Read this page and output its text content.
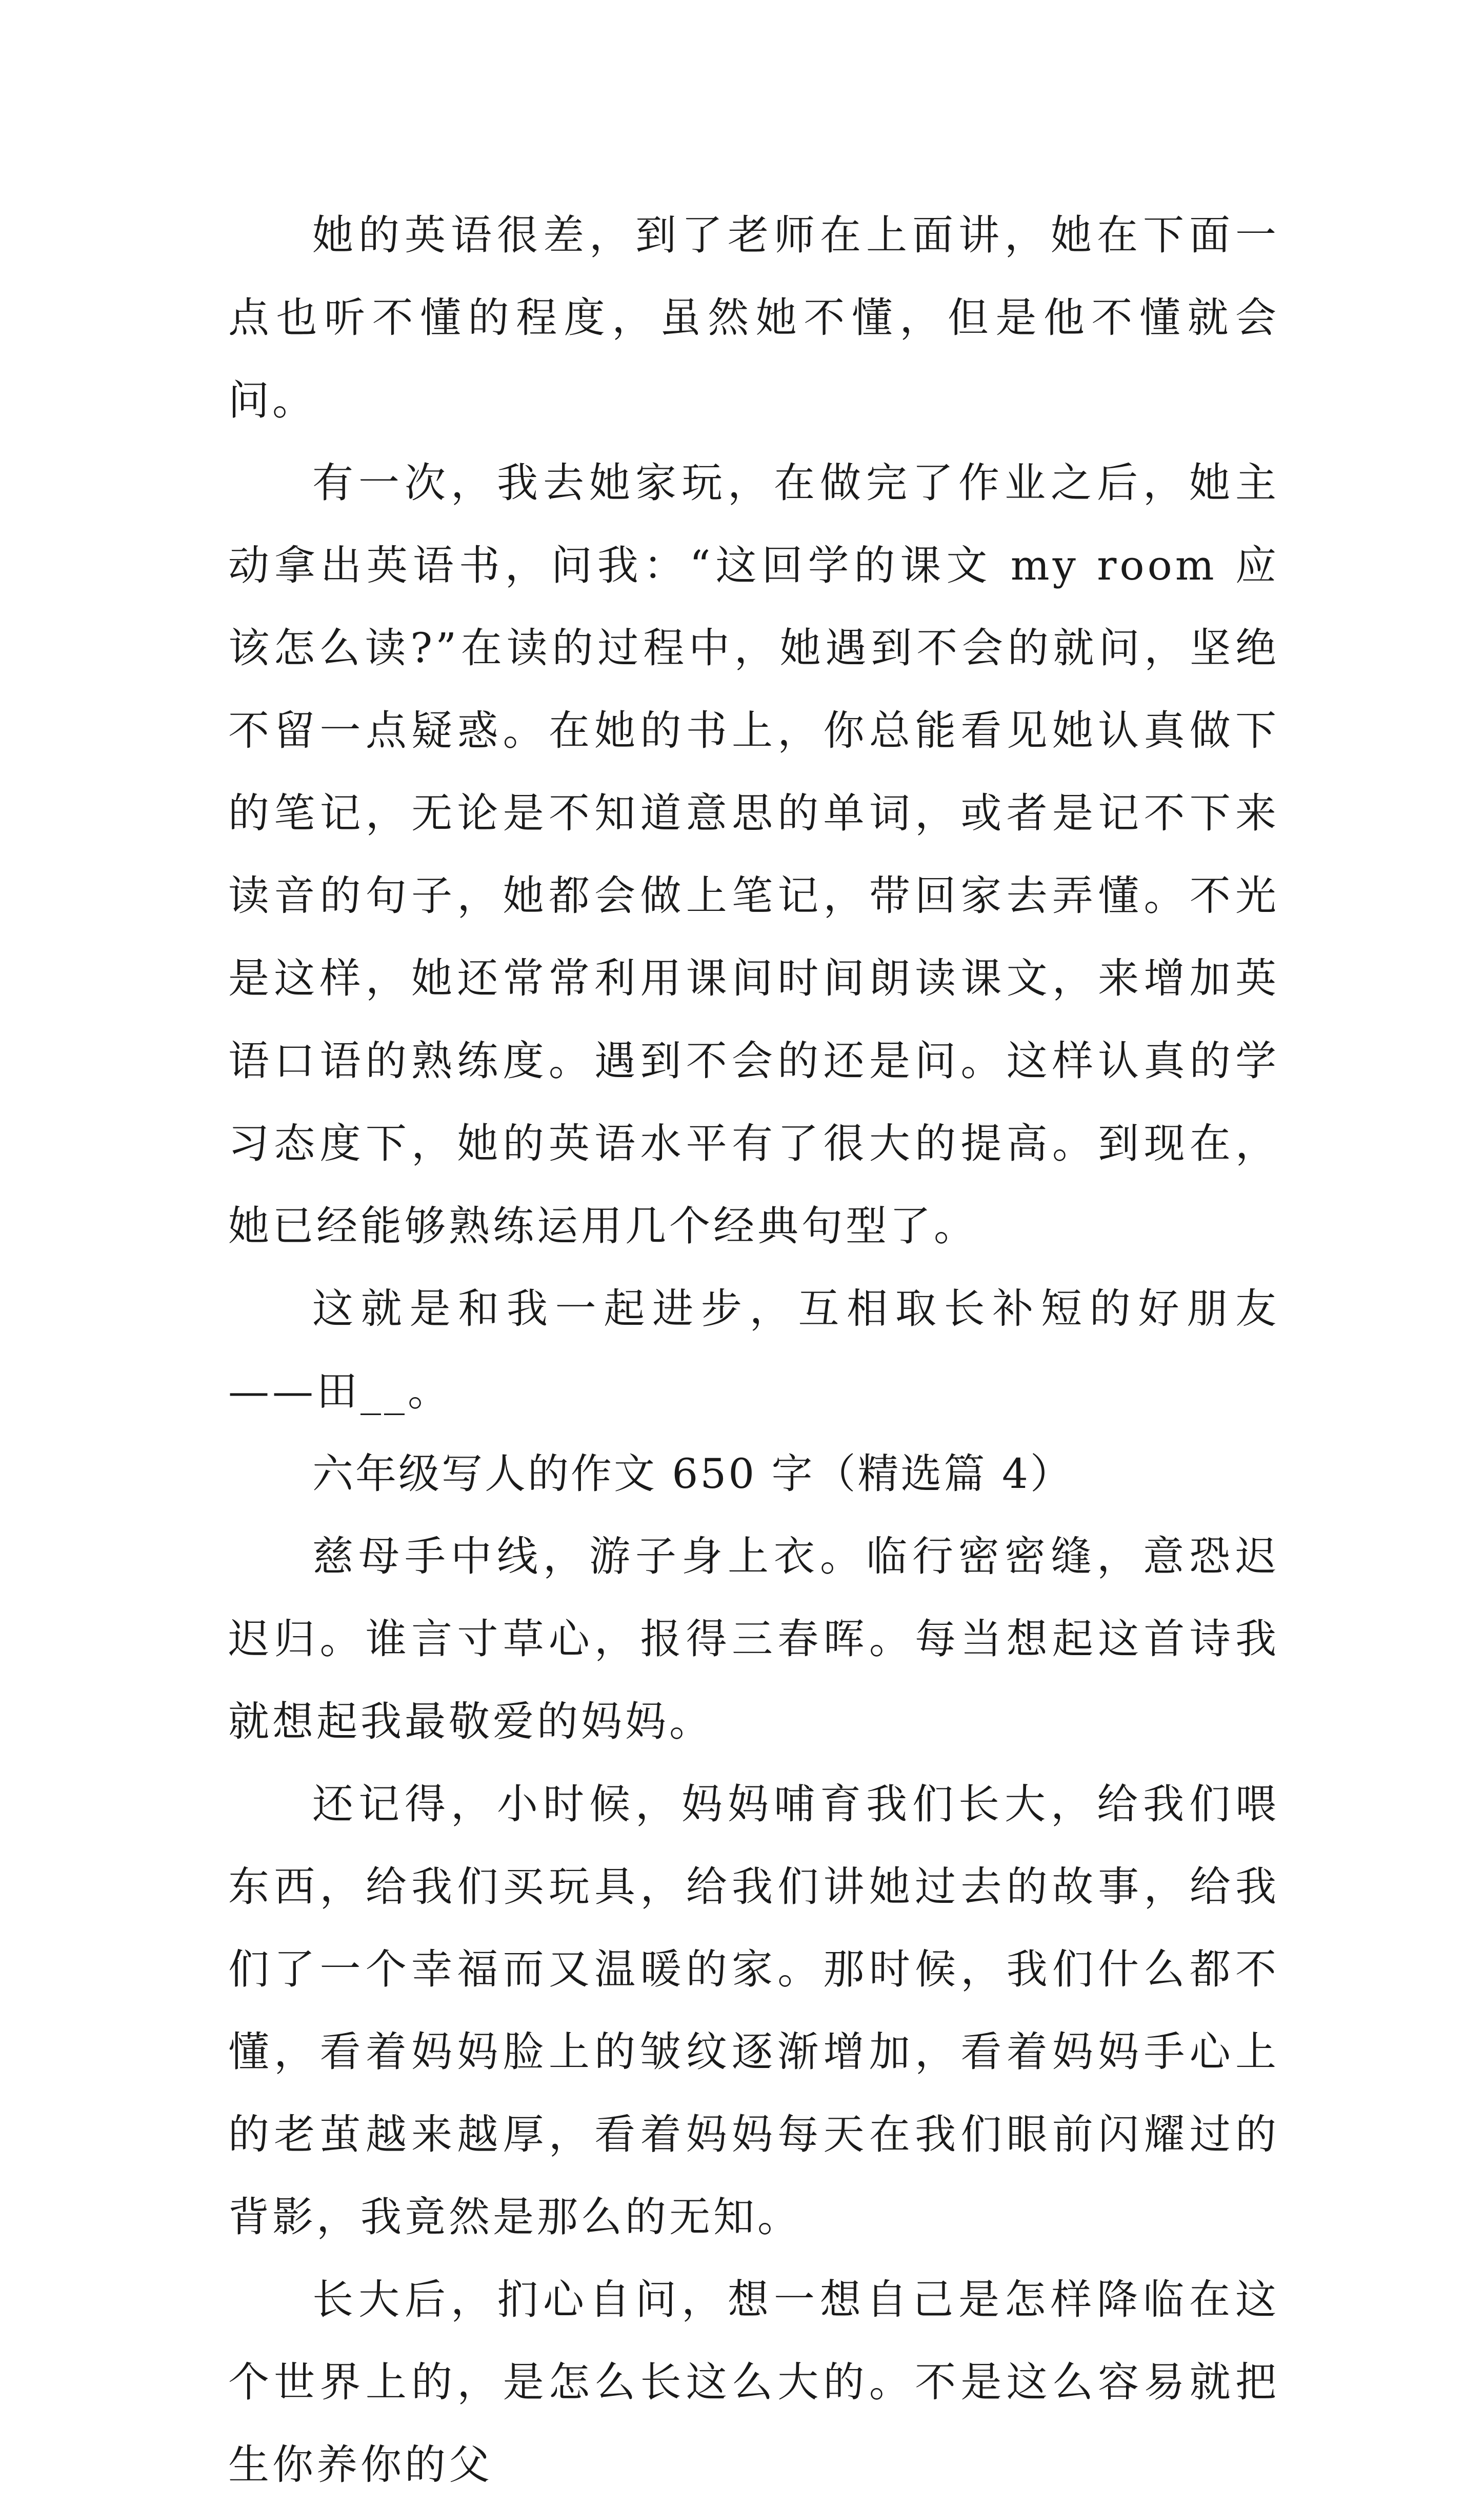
她的英语很差，到了老师在上面讲，她在下面一点也听不懂的程度，虽然她不懂，但是他不懂就会问。

有一次，我去她家玩，在做完了作业之后，她主动拿出英语书，问我：“这回学的课文 my room 应该怎么读?”在读的过程中，她遇到不会的就问，坚绝不留一点疑惑。在她的书上，你总能看见她认真做下的笔记，无论是不知道意思的单词，或者是记不下来读音的句子，她都会做上笔记，带回家去弄懂。不光是这样，她还常常利用课间时间朗读课文，来增加英语口语的熟练度。遇到不会的还是问。这样认真的学习态度下，她的英语水平有了很大的提高。到现在，她已经能够熟练运用几个经典句型了。

这就是和我一起进步，互相取长补短的好朋友——田__。

六年级写人的作文 650 字（精选篇 4）

慈母手中线，游子身上衣。临行密密缝，意恐迟迟归。谁言寸草心，报得三春晖。每当想起这首诗我就想起我最敬爱的妈妈。

还记得，小时候，妈妈哺育我们长大，给我们喂东西，给我们买玩具，给我们讲她过去的故事，给我们了一个幸福而又温暖的家。那时候，我们什么都不懂，看着妈妈脸上的皱纹逐渐增加，看着妈妈手心上的老茧越来越厚，看着妈妈每天在我们眼前闪耀过的背影，我竟然是那么的无知。

长大后，扪心自问，想一想自己是怎样降临在这个世界上的，是怎么长这么大的。不是这么容易就把生你养你的父
